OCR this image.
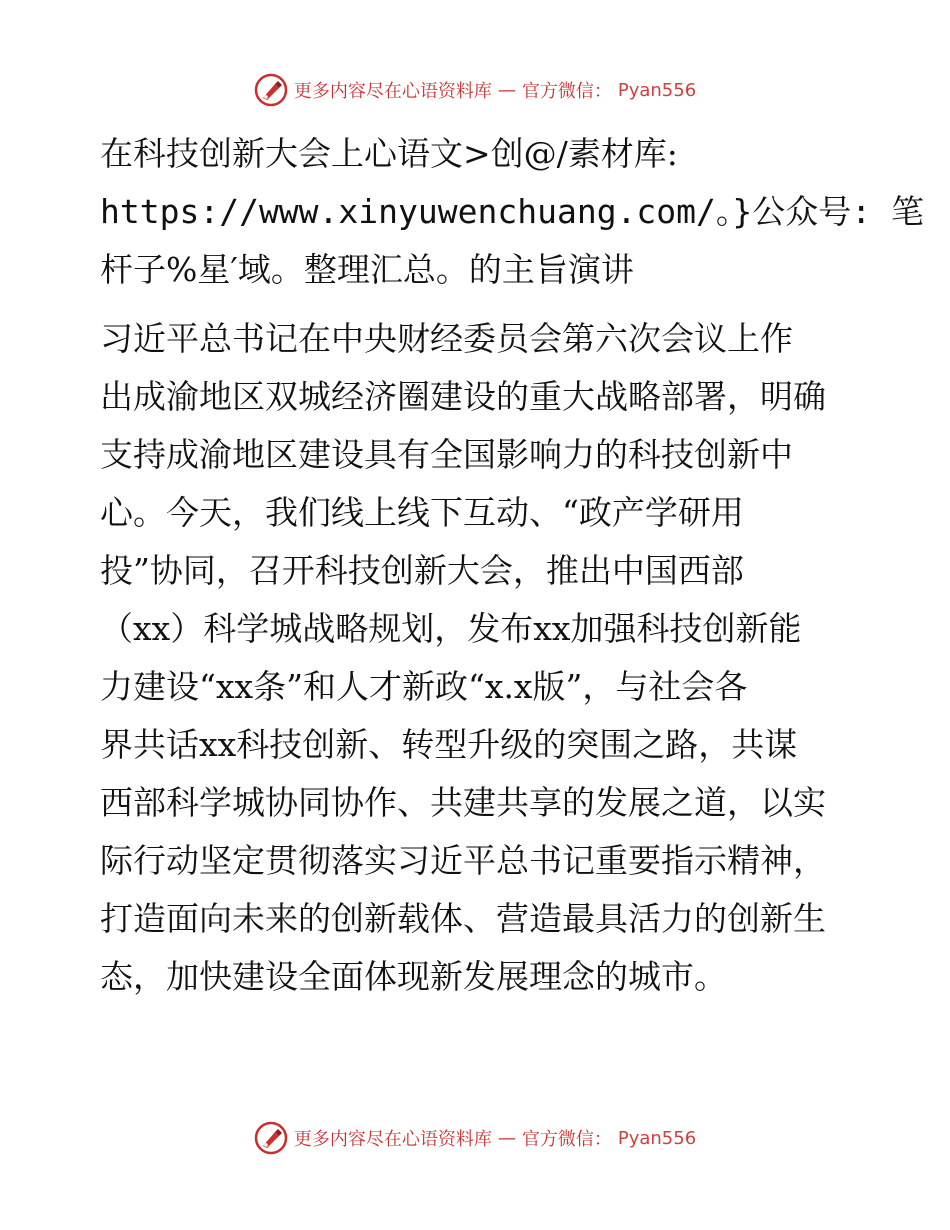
更多内容尽在心语资料库 — 官方微信： Pyan556
在科技创新大会上心语文>创@/素材库:
https://www.xinyuwenchuang.com/。}公众号: 笔
杆子%星′域。整理汇总。的主旨演讲
习近平总书记在中央财经委员会第六次会议上作
出成渝地区双城经济圈建设的重大战略部署，明确
支持成渝地区建设具有全国影响力的科技创新中
心。今天，我们线上线下互动、“政产学研用
投”协同，召开科技创新大会，推出中国西部
（xx）科学城战略规划，发布xx加强科技创新能
力建设“xx条”和人才新政“x.x版”，与社会各
界共话xx科技创新、转型升级的突围之路，共谋
西部科学城协同协作、共建共享的发展之道，以实
际行动坚定贯彻落实习近平总书记重要指示精神，
打造面向未来的创新载体、营造最具活力的创新生
态，加快建设全面体现新发展理念的城市。
更多内容尽在心语资料库 — 官方微信： Pyan556
